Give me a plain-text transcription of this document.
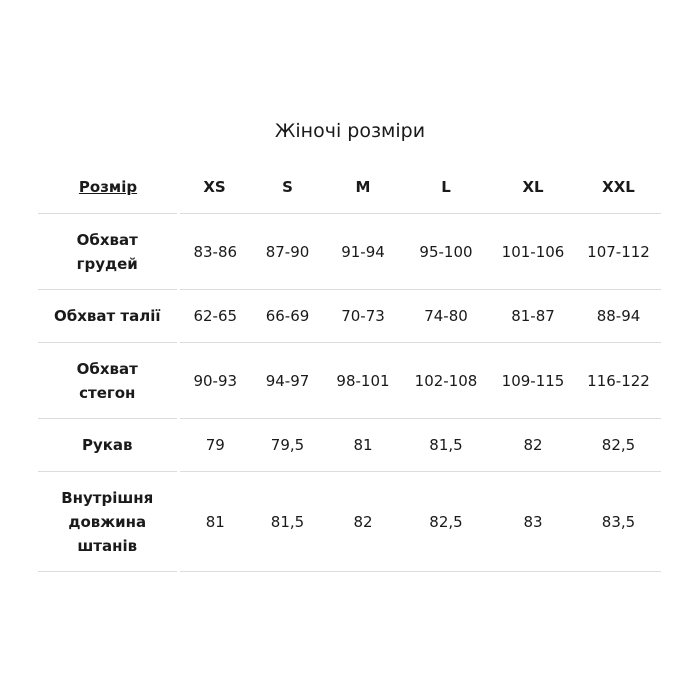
Жіночі розміри
Розмір	XS	S	M	L	XL	XXL

Обхват
грудей	83-86	87-90	91-94	95-100	101-106	107-112

Обхват талії	62-65	66-69	70-73	74-80	81-87	88-94

Обхват
стегон	90-93	94-97	98-101	102-108	109-115	116-122

Рукав	79	79,5	81	81,5	82	82,5

Внутрішня
довжина
штанів	81	81,5	82	82,5	83	83,5
